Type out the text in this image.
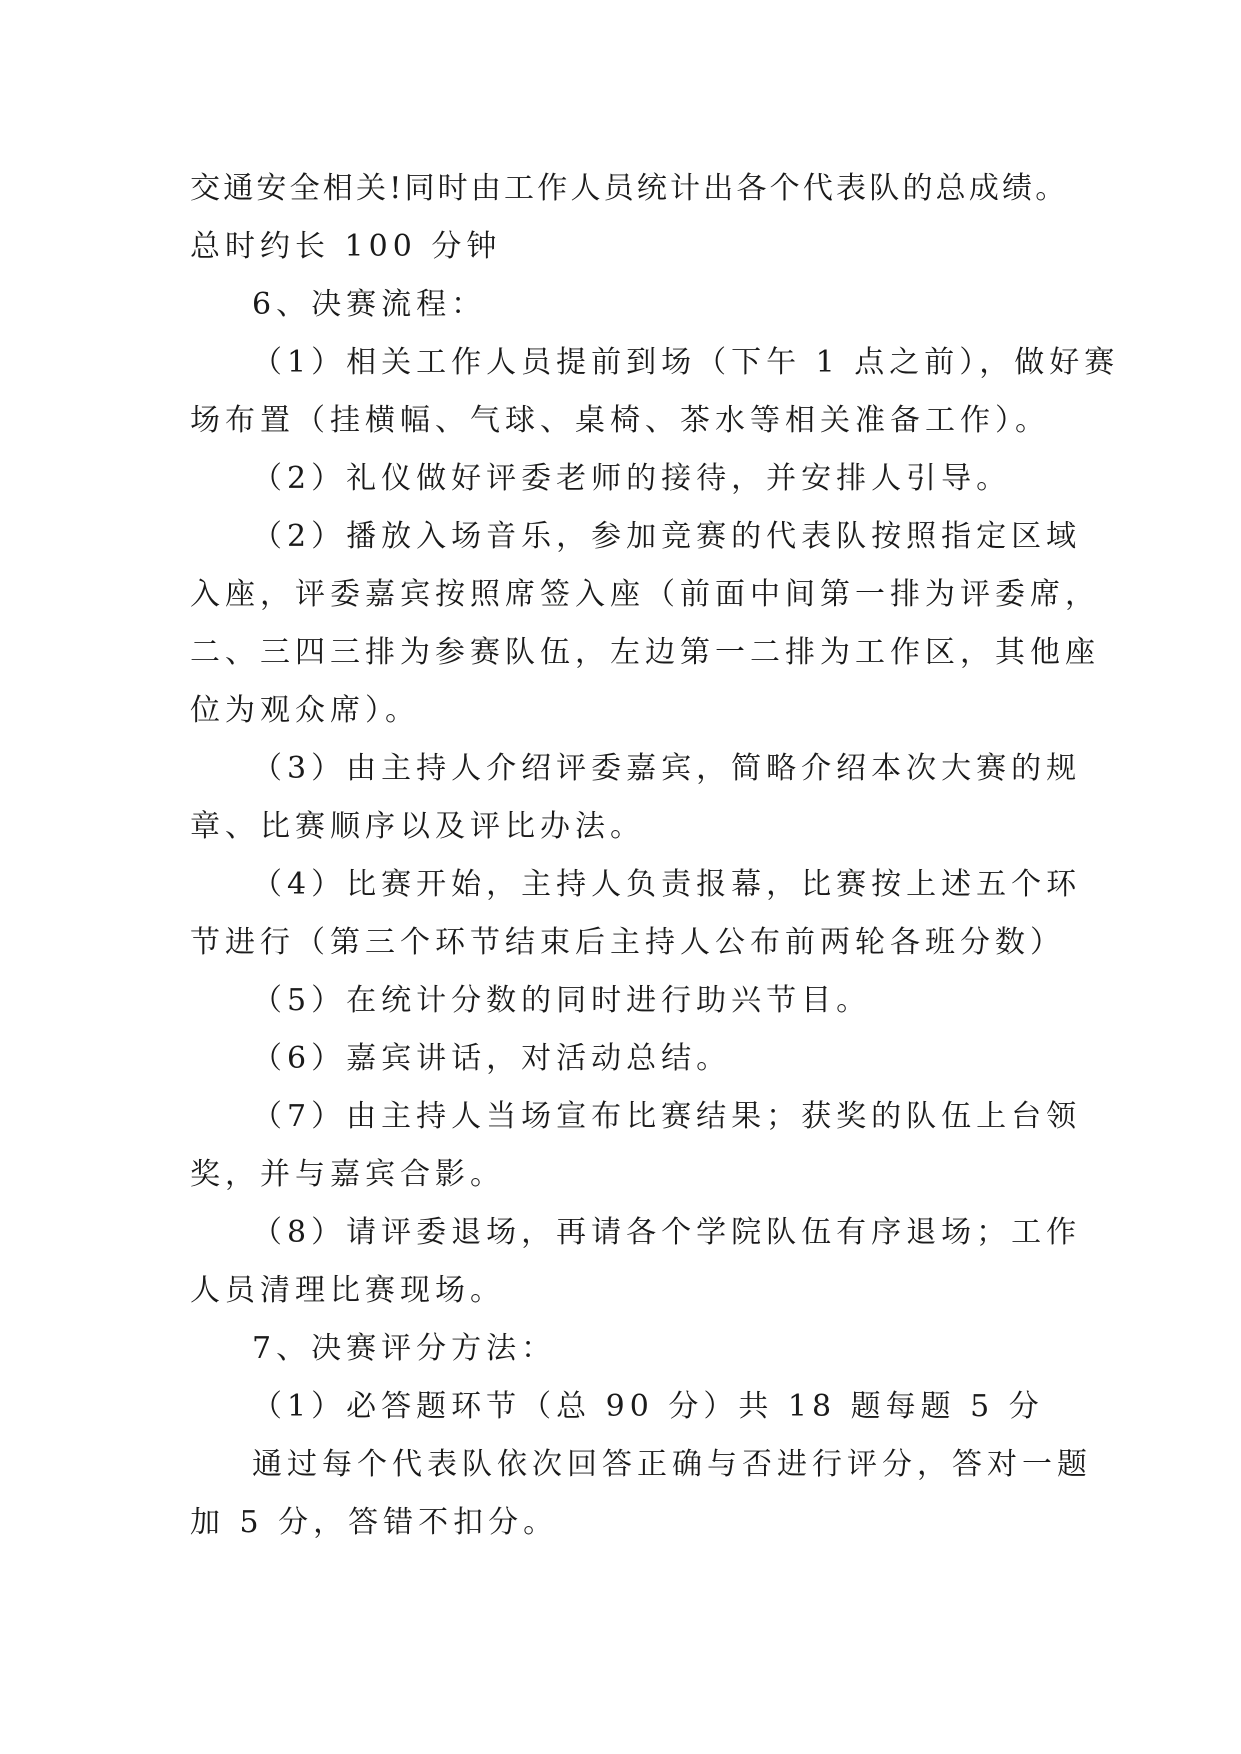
交通安全相关!同时由工作人员统计出各个代表队的总成绩。
总时约长 100 分钟
6、决赛流程：
（1）相关工作人员提前到场（下午 1 点之前），做好赛
场布置（挂横幅、气球、桌椅、茶水等相关准备工作）。
（2）礼仪做好评委老师的接待，并安排人引导。
（2）播放入场音乐，参加竞赛的代表队按照指定区域
入座，评委嘉宾按照席签入座（前面中间第一排为评委席，
二、三四三排为参赛队伍，左边第一二排为工作区，其他座
位为观众席）。
（3）由主持人介绍评委嘉宾，简略介绍本次大赛的规
章、比赛顺序以及评比办法。
（4）比赛开始，主持人负责报幕，比赛按上述五个环
节进行（第三个环节结束后主持人公布前两轮各班分数）
（5）在统计分数的同时进行助兴节目。
（6）嘉宾讲话，对活动总结。
（7）由主持人当场宣布比赛结果；获奖的队伍上台领
奖，并与嘉宾合影。
（8）请评委退场，再请各个学院队伍有序退场；工作
人员清理比赛现场。
7、决赛评分方法：
（1）必答题环节（总 90 分）共 18 题每题 5 分
通过每个代表队依次回答正确与否进行评分，答对一题
加 5 分，答错不扣分。
